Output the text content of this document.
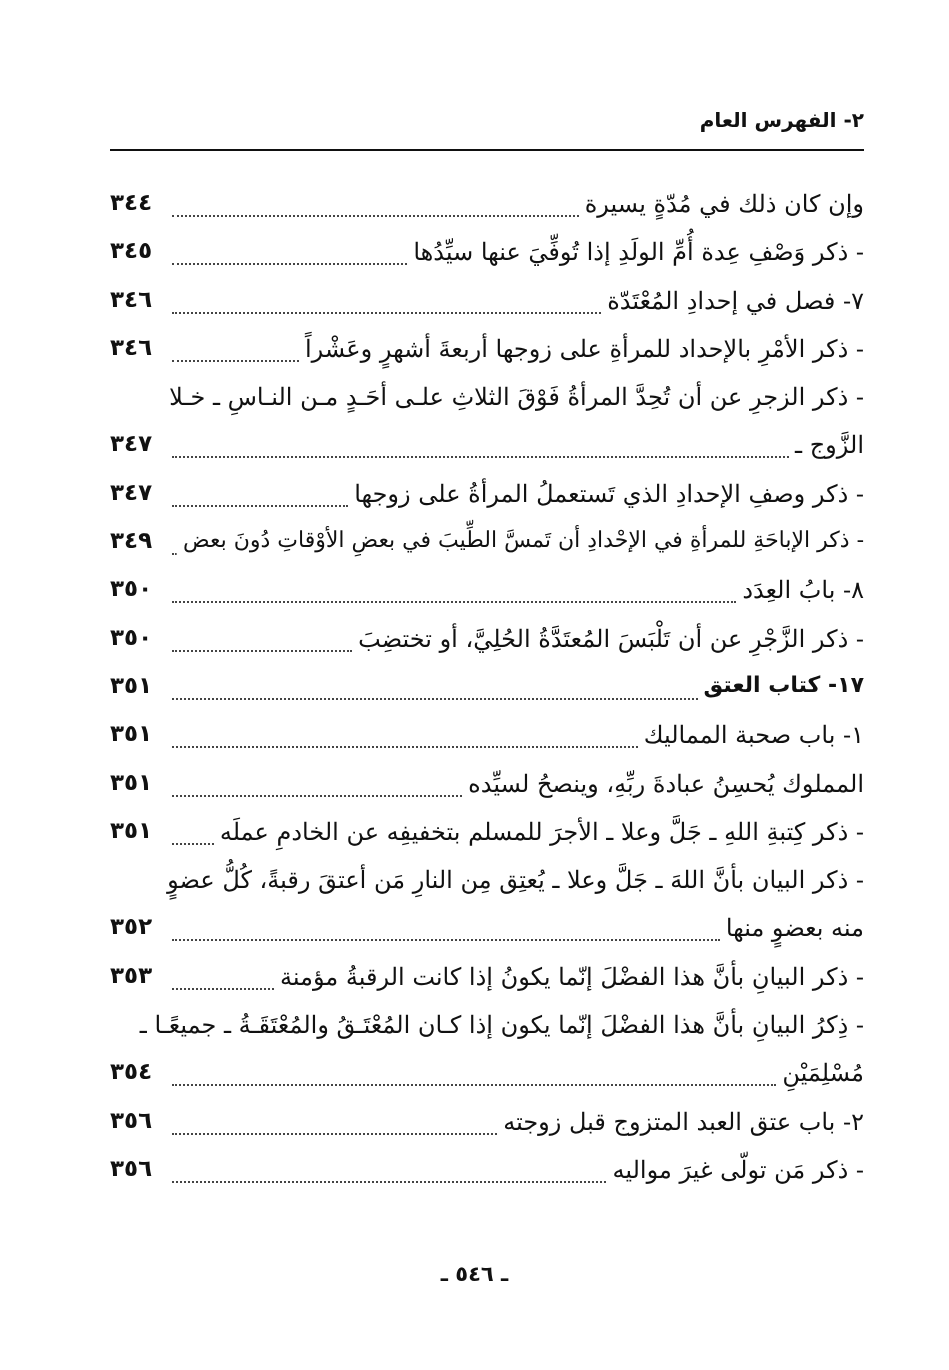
٢- الفهرس العام
وإن كان ذلك في مُدّةٍ يسيرة
٣٤٤
- ذكر وَصْفِ عِدة أُمِّ الولَدِ إذا تُوفِّيَ عنها سيِّدُها
٣٤٥
٧- فصل في إحدادِ المُعْتَدّة
٣٤٦
- ذكر الأمْرِ بالإحداد للمرأةِ على زوجها أربعةَ أشهرٍ وعَشْراً
٣٤٦
- ذكر الزجرِ عن أن تُحِدَّ المرأةُ فَوْقَ الثلاثِ علـى أحَـدٍ مـن النـاسِ ـ خـلا
الزَّوج ـ
٣٤٧
- ذكر وصفِ الإحدادِ الذي تَستعملُ المرأةُ على زوجها
٣٤٧
- ذكر الإباحَةِ للمرأةِ في الإحْدادِ أن تَمسَّ الطِّيبَ في بعضِ الأوْقاتِ دُونَ بعض
٣٤٩
٨- بابُ العِدَد
٣٥٠
- ذكر الزَّجْرِ عن أن تَلْبَسَ المُعتَدَّةُ الحُلِيَّ، أو تختضِبَ
٣٥٠
١٧- كتاب العتق
٣٥١
١- باب صحبة المماليك
٣٥١
المملوك يُحسِنُ عبادةَ ربِّهِ، وينصحُ لسيِّده
٣٥١
- ذكر كِتبةِ اللهِ ـ جَلَّ وعلا ـ الأجرَ للمسلم بتخفيفِه عن الخادمِ عملَه
٣٥١
- ذكر البيان بأنَّ اللهَ ـ جَلَّ وعلا ـ يُعتِق مِن النارِ مَن أعتقَ رقبةً، كُلُّ عضوٍ
منه بعضوٍ منها
٣٥٢
- ذكر البيانِ بأنَّ هذا الفضْلَ إنّما يكونُ إذا كانت الرقبةُ مؤمنة
٣٥٣
- ذِكرُ البيانِ بأنَّ هذا الفضْلَ إنّما يكون إذا كـان المُعْتَـقُ والمُعْتَقَـةُ ـ جميعًـا ـ
مُسْلِمَيْنِ
٣٥٤
٢- باب عتق العبد المتزوج قبل زوجته
٣٥٦
- ذكر مَن تولّى غيرَ مواليه
٣٥٦
ـ ٥٤٦ ـ
